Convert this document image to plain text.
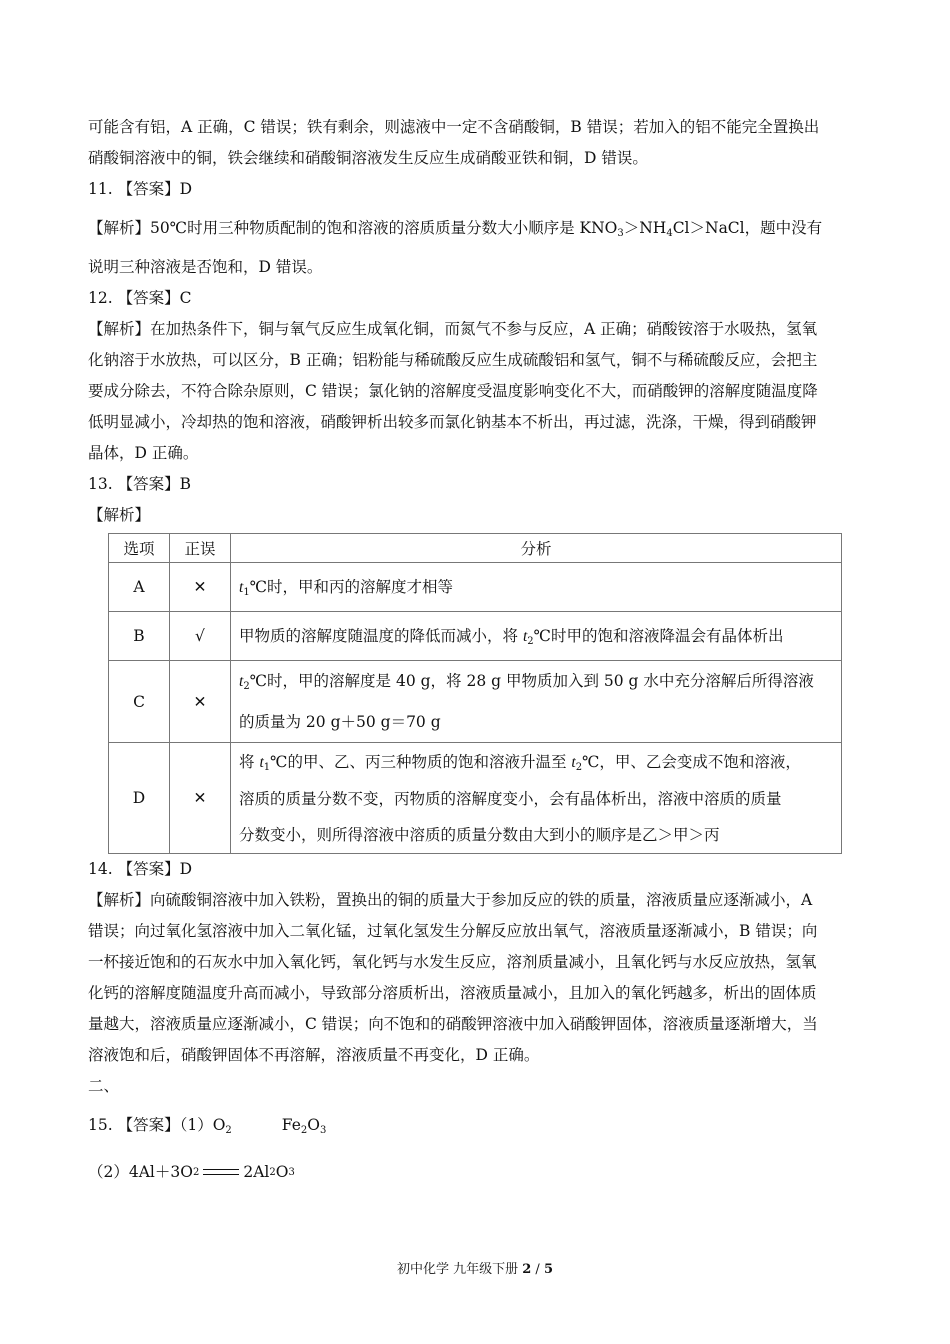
可能含有铝，A 正确，C 错误；铁有剩余，则滤液中一定不含硝酸铜，B 错误；若加入的铝不能完全置换出

硝酸铜溶液中的铜，铁会继续和硝酸铜溶液发生反应生成硝酸亚铁和铜，D 错误。

11. 【答案】D

【解析】50℃时用三种物质配制的饱和溶液的溶质质量分数大小顺序是 $KNO_3>NH_4Cl>NaCl$，题中没有

说明三种溶液是否饱和，D 错误。

12. 【答案】C

【解析】在加热条件下，铜与氧气反应生成氧化铜，而氮气不参与反应，A 正确；硝酸铵溶于水吸热，氢氧

化钠溶于水放热，可以区分，B 正确；铝粉能与稀硫酸反应生成硫酸铝和氢气，铜不与稀硫酸反应，会把主

要成分除去，不符合除杂原则，C 错误；氯化钠的溶解度受温度影响变化不大，而硝酸钾的溶解度随温度降

低明显减小，冷却热的饱和溶液，硝酸钾析出较多而氯化钠基本不析出，再过滤，洗涤，干燥，得到硝酸钾

晶体，D 正确。

13. 【答案】B

【解析】

选项	正误	分析
A	✕	$t_1℃$时，甲和丙的溶解度才相等
B	√	甲物质的溶解度随温度的降低而减小，将 $t_2℃$时甲的饱和溶液降温会有晶体析出
C	✕	$t_2℃$时，甲的溶解度是 40 g，将 28 g 甲物质加入到 50 g 水中充分溶解后所得溶液
的质量为 20 g＋50 g＝70 g
D	✕	将 $t_1℃$的甲、乙、丙三种物质的饱和溶液升温至 $t_2℃$，甲、乙会变成不饱和溶液，
溶质的质量分数不变，丙物质的溶解度变小，会有晶体析出，溶液中溶质的质量
分数变小，则所得溶液中溶质的质量分数由大到小的顺序是乙＞甲＞丙

14. 【答案】D

【解析】向硫酸铜溶液中加入铁粉，置换出的铜的质量大于参加反应的铁的质量，溶液质量应逐渐减小，A

错误；向过氧化氢溶液中加入二氧化锰，过氧化氢发生分解反应放出氧气，溶液质量逐渐减小，B 错误；向

一杯接近饱和的石灰水中加入氧化钙，氧化钙与水发生反应，溶剂质量减小，且氧化钙与水反应放热，氢氧

化钙的溶解度随温度升高而减小，导致部分溶质析出，溶液质量减小，且加入的氧化钙越多，析出的固体质

量越大，溶液质量应逐渐减小，C 错误；向不饱和的硝酸钾溶液中加入硝酸钾固体，溶液质量逐渐增大，当

溶液饱和后，硝酸钾固体不再溶解，溶液质量不再变化，D 正确。

二、

15. 【答案】$(1)O_2$	$Fe_2O_3$

（2）4Al＋3O 2	2Al 2 O 3

初中化学 九年级下册 2 / 5
